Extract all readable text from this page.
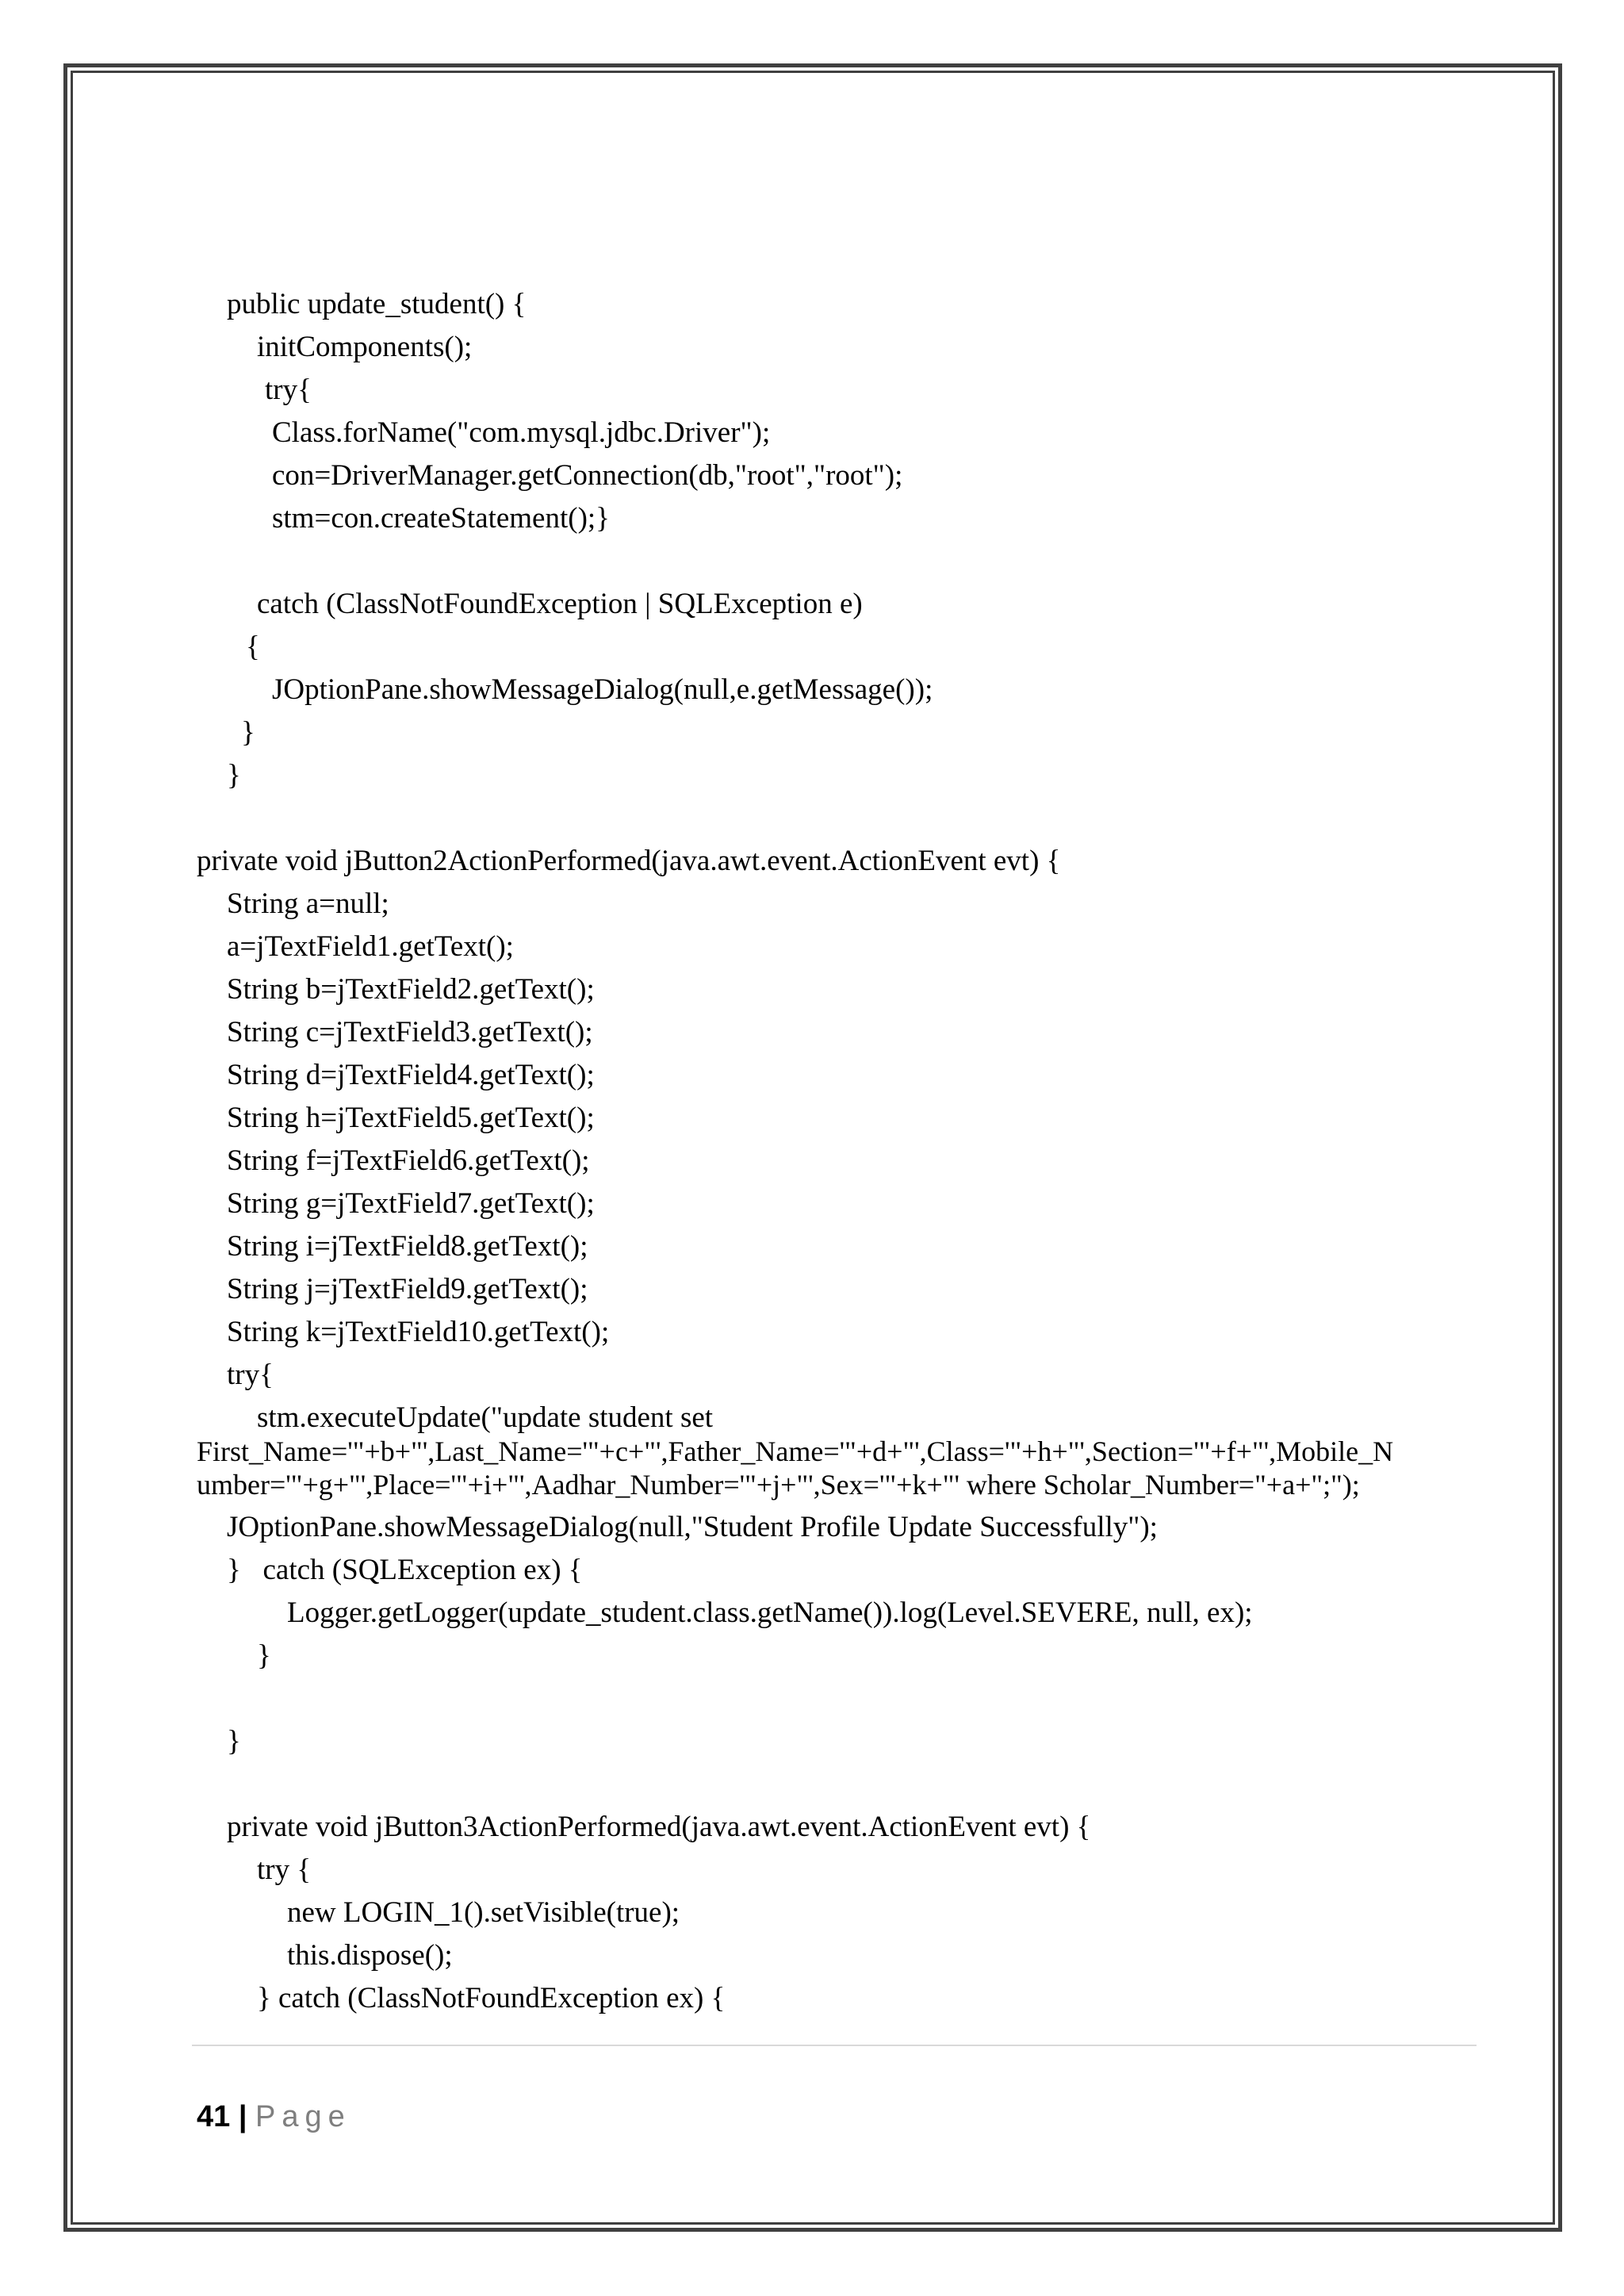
public update_student() {
initComponents();
try{
Class.forName("com.mysql.jdbc.Driver");
con=DriverManager.getConnection(db,"root","root");
stm=con.createStatement();}
catch (ClassNotFoundException | SQLException e)
{
JOptionPane.showMessageDialog(null,e.getMessage());
}
}
private void jButton2ActionPerformed(java.awt.event.ActionEvent evt) {
String a=null;
a=jTextField1.getText();
String b=jTextField2.getText();
String c=jTextField3.getText();
String d=jTextField4.getText();
String h=jTextField5.getText();
String f=jTextField6.getText();
String g=jTextField7.getText();
String i=jTextField8.getText();
String j=jTextField9.getText();
String k=jTextField10.getText();
try{
stm.executeUpdate("update student set
First_Name='"+b+"',Last_Name='"+c+"',Father_Name='"+d+"',Class='"+h+"',Section='"+f+"',Mobile_N
umber='"+g+"',Place='"+i+"',Aadhar_Number='"+j+"',Sex='"+k+"' where Scholar_Number="+a+";");
JOptionPane.showMessageDialog(null,"Student Profile Update Successfully");
}   catch (SQLException ex) {
Logger.getLogger(update_student.class.getName()).log(Level.SEVERE, null, ex);
}
}
private void jButton3ActionPerformed(java.awt.event.ActionEvent evt) {
try {
new LOGIN_1().setVisible(true);
this.dispose();
} catch (ClassNotFoundException ex) {
41 | Page
